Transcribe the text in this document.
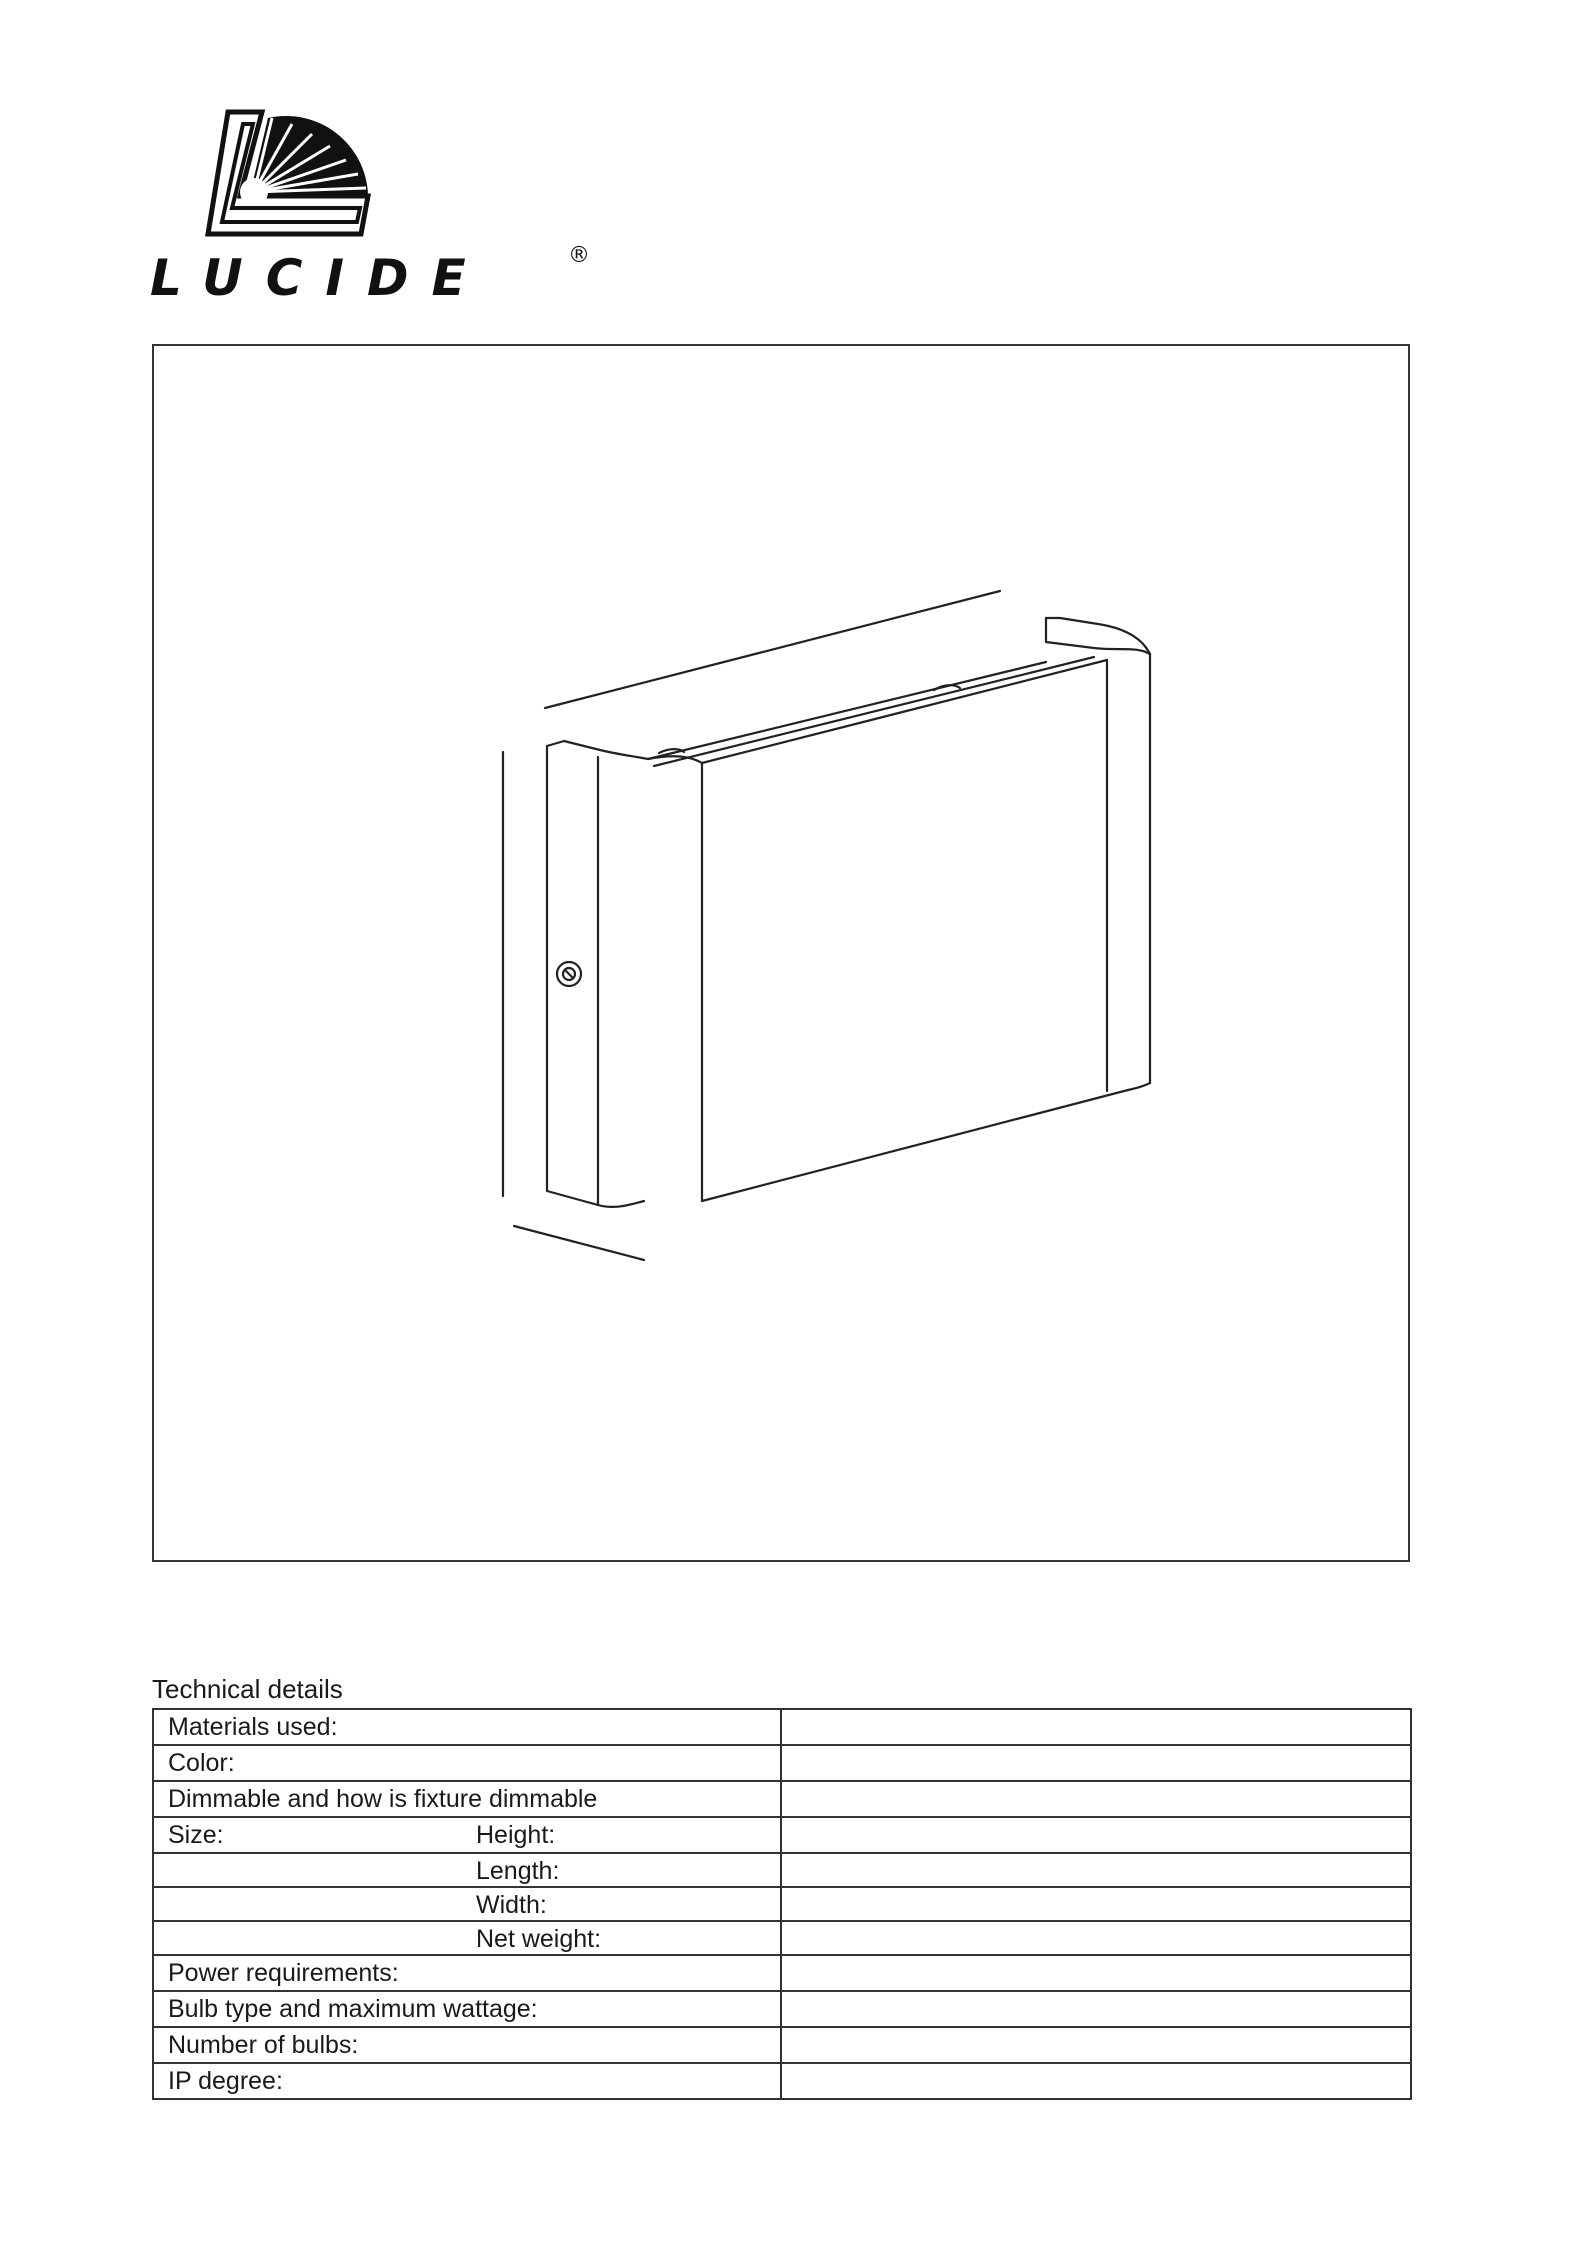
LUCIDE	®
Technical details
Materials used:	
Color:	
Dimmable and how is fixture dimmable	
Size: Height:	

Length:	

Width:	

Net weight:	

Power requirements:	
Bulb type and maximum wattage:	
Number of bulbs:	
IP degree:	
